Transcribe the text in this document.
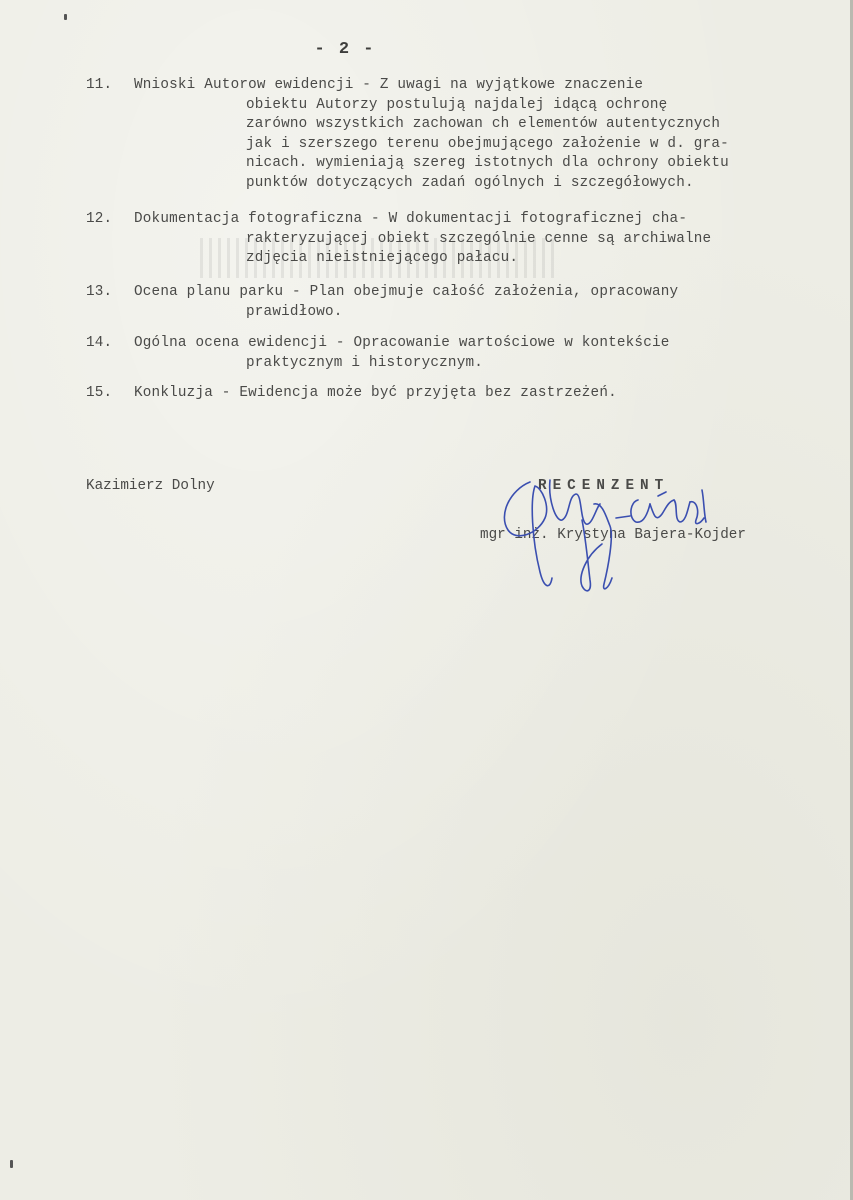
- 2 -
11.	Wnioski Autorow ewidencji - Z uwagi na wyjątkowe znaczenie
obiektu Autorzy postulują najdalej idącą ochronę
zarówno wszystkich zachowan ch elementów autentycznych
jak i szerszego terenu obejmującego założenie w d. gra-
nicach. wymieniają szereg istotnych dla ochrony obiektu
punktów dotyczących zadań ogólnych i szczegółowych.
12.	Dokumentacja fotograficzna - W dokumentacji fotograficznej cha-
rakteryzującej obiekt szczególnie cenne są archiwalne
zdjęcia nieistniejącego pałacu.
13.	Ocena planu parku - Plan obejmuje całość założenia, opracowany
prawidłowo.
14.	Ogólna ocena ewidencji - Opracowanie wartościowe w kontekście
praktycznym i historycznym.
15.	Konkluzja - Ewidencja może być przyjęta bez zastrzeżeń.
Kazimierz Dolny	RECENZENT
mgr inż. Krystyna Bajera-Kojder
